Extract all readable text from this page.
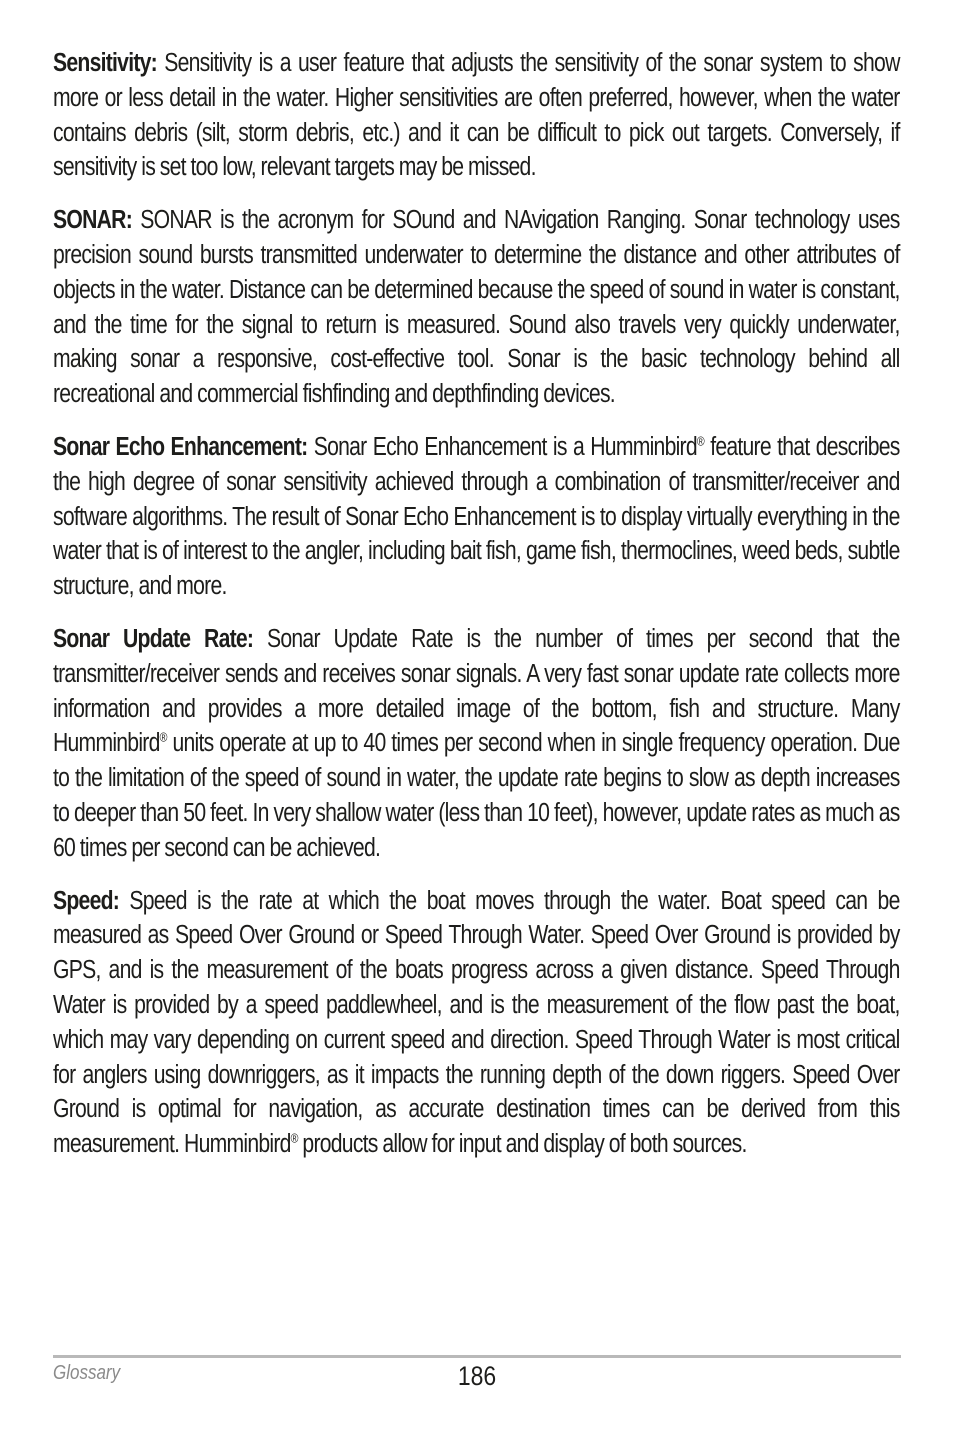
Sensitivity: Sensitivity is a user feature that adjusts the sensitivity of the sonar system to show more or less detail in the water. Higher sensitivities are often preferred, however, when the water contains debris (silt, storm debris, etc.) and it can be difficult to pick out targets. Conversely, if sensitivity is set too low, relevant targets may be missed.

SONAR: SONAR is the acronym for SOund and NAvigation Ranging. Sonar technology uses precision sound bursts transmitted underwater to determine the distance and other attributes of objects in the water. Distance can be determined because the speed of sound in water is constant, and the time for the signal to return is measured. Sound also travels very quickly underwater, making sonar a responsive, cost-effective tool. Sonar is the basic technology behind all recreational and commercial fishfinding and depthfinding devices.

Sonar Echo Enhancement: Sonar Echo Enhancement is a Humminbird® feature that describes the high degree of sonar sensitivity achieved through a combination of transmitter/receiver and software algorithms. The result of Sonar Echo Enhancement is to display virtually everything in the water that is of interest to the angler, including bait fish, game fish, thermoclines, weed beds, subtle structure, and more.

Sonar Update Rate: Sonar Update Rate is the number of times per second that the transmitter/receiver sends and receives sonar signals. A very fast sonar update rate collects more information and provides a more detailed image of the bottom, fish and structure. Many Humminbird® units operate at up to 40 times per second when in single frequency operation. Due to the limitation of the speed of sound in water, the update rate begins to slow as depth increases to deeper than 50 feet. In very shallow water (less than 10 feet), however, update rates as much as 60 times per second can be achieved.

Speed: Speed is the rate at which the boat moves through the water. Boat speed can be measured as Speed Over Ground or Speed Through Water. Speed Over Ground is provided by GPS, and is the measurement of the boats progress across a given distance. Speed Through Water is provided by a speed paddlewheel, and is the measurement of the flow past the boat, which may vary depending on current speed and direction. Speed Through Water is most critical for anglers using downriggers, as it impacts the running depth of the down riggers. Speed Over Ground is optimal for navigation, as accurate destination times can be derived from this measurement. Humminbird® products allow for input and display of both sources.

Glossary	186
